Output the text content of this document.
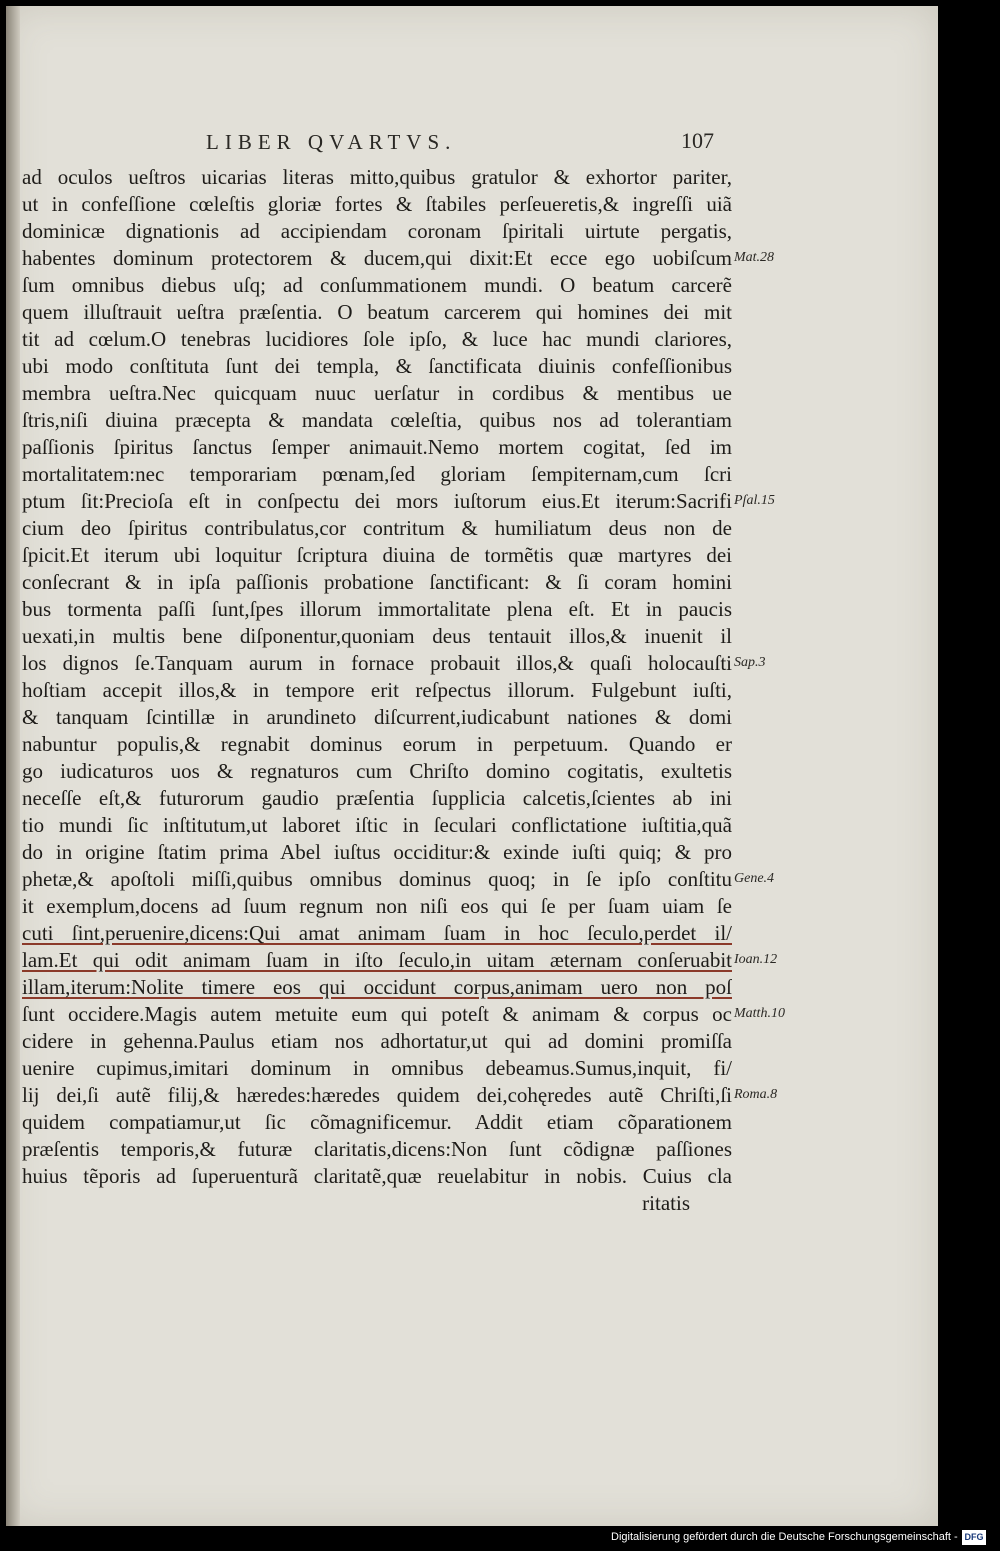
LIBER QVARTVS.	107
ad oculos ueſtros uicarias literas mitto,quibus gratulor & exhortor pariter,
ut in confeſſione cœleſtis gloriæ fortes & ſtabiles perſeueretis,& ingreſſi uiã
dominicæ dignationis ad accipiendam coronam ſpiritali uirtute pergatis,
habentes dominum protectorem & ducem,qui dixit:Et ecce ego uobiſcum
ſum omnibus diebus uſq; ad conſummationem mundi. O beatum carcerẽ
quem illuſtrauit ueſtra præſentia. O beatum carcerem qui homines dei mit
tit ad cœlum.O tenebras lucidiores ſole ipſo, & luce hac mundi clariores,
ubi modo conſtituta ſunt dei templa, & ſanctificata diuinis confeſſionibus
membra ueſtra.Nec quicquam nuuc uerſatur in cordibus & mentibus ue
ſtris,niſi diuina præcepta & mandata cœleſtia, quibus nos ad tolerantiam
paſſionis ſpiritus ſanctus ſemper animauit.Nemo mortem cogitat, ſed im
mortalitatem:nec temporariam pœnam,ſed gloriam ſempiternam,cum ſcri
ptum ſit:Precioſa eſt in conſpectu dei mors iuſtorum eius.Et iterum:Sacrifi
cium deo ſpiritus contribulatus,cor contritum & humiliatum deus non de
ſpicit.Et iterum ubi loquitur ſcriptura diuina de tormẽtis quæ martyres dei
conſecrant & in ipſa paſſionis probatione ſanctificant: & ſi coram homini
bus tormenta paſſi ſunt,ſpes illorum immortalitate plena eſt. Et in paucis
uexati,in multis bene diſponentur,quoniam deus tentauit illos,& inuenit il
los dignos ſe.Tanquam aurum in fornace probauit illos,& quaſi holocauſti
hoſtiam accepit illos,& in tempore erit reſpectus illorum. Fulgebunt iuſti,
& tanquam ſcintillæ in arundineto diſcurrent,iudicabunt nationes & domi
nabuntur populis,& regnabit dominus eorum in perpetuum. Quando er
go iudicaturos uos & regnaturos cum Chriſto domino cogitatis, exultetis
neceſſe eſt,& futurorum gaudio præſentia ſupplicia calcetis,ſcientes ab ini
tio mundi ſic inſtitutum,ut laboret iſtic in ſeculari conflictatione iuſtitia,quã
do in origine ſtatim prima Abel iuſtus occiditur:& exinde iuſti quiq; & pro
phetæ,& apoſtoli miſſi,quibus omnibus dominus quoq; in ſe ipſo conſtitu
it exemplum,docens ad ſuum regnum non niſi eos qui ſe per ſuam uiam ſe
cuti ſint,peruenire,dicens:Qui amat animam ſuam in hoc ſeculo,perdet il/
lam.Et qui odit animam ſuam in iſto ſeculo,in uitam æternam conſeruabit
illam,iterum:Nolite timere eos qui occidunt corpus,animam uero non poſ
ſunt occidere.Magis autem metuite eum qui poteſt & animam & corpus oc
cidere in gehenna.Paulus etiam nos adhortatur,ut qui ad domini promiſſa
uenire cupimus,imitari dominum in omnibus debeamus.Sumus,inquit, fi/
lij dei,ſi autẽ filij,& hæredes:hæredes quidem dei,cohęredes autẽ Chriſti,ſi
quidem compatiamur,ut ſic cõmagnificemur. Addit etiam cõparationem
præſentis temporis,& futuræ claritatis,dicens:Non ſunt cõdignæ paſſiones
huius tẽporis ad ſuperuenturã claritatẽ,quæ reuelabitur in nobis. Cuius cla
ritatis
Mat.28
Pſal.15
Sap.3
Gene.4
Ioan.12
Matth.10
Roma.8
Digitalisierung gefördert durch die Deutsche Forschungsgemeinschaft - DFG
